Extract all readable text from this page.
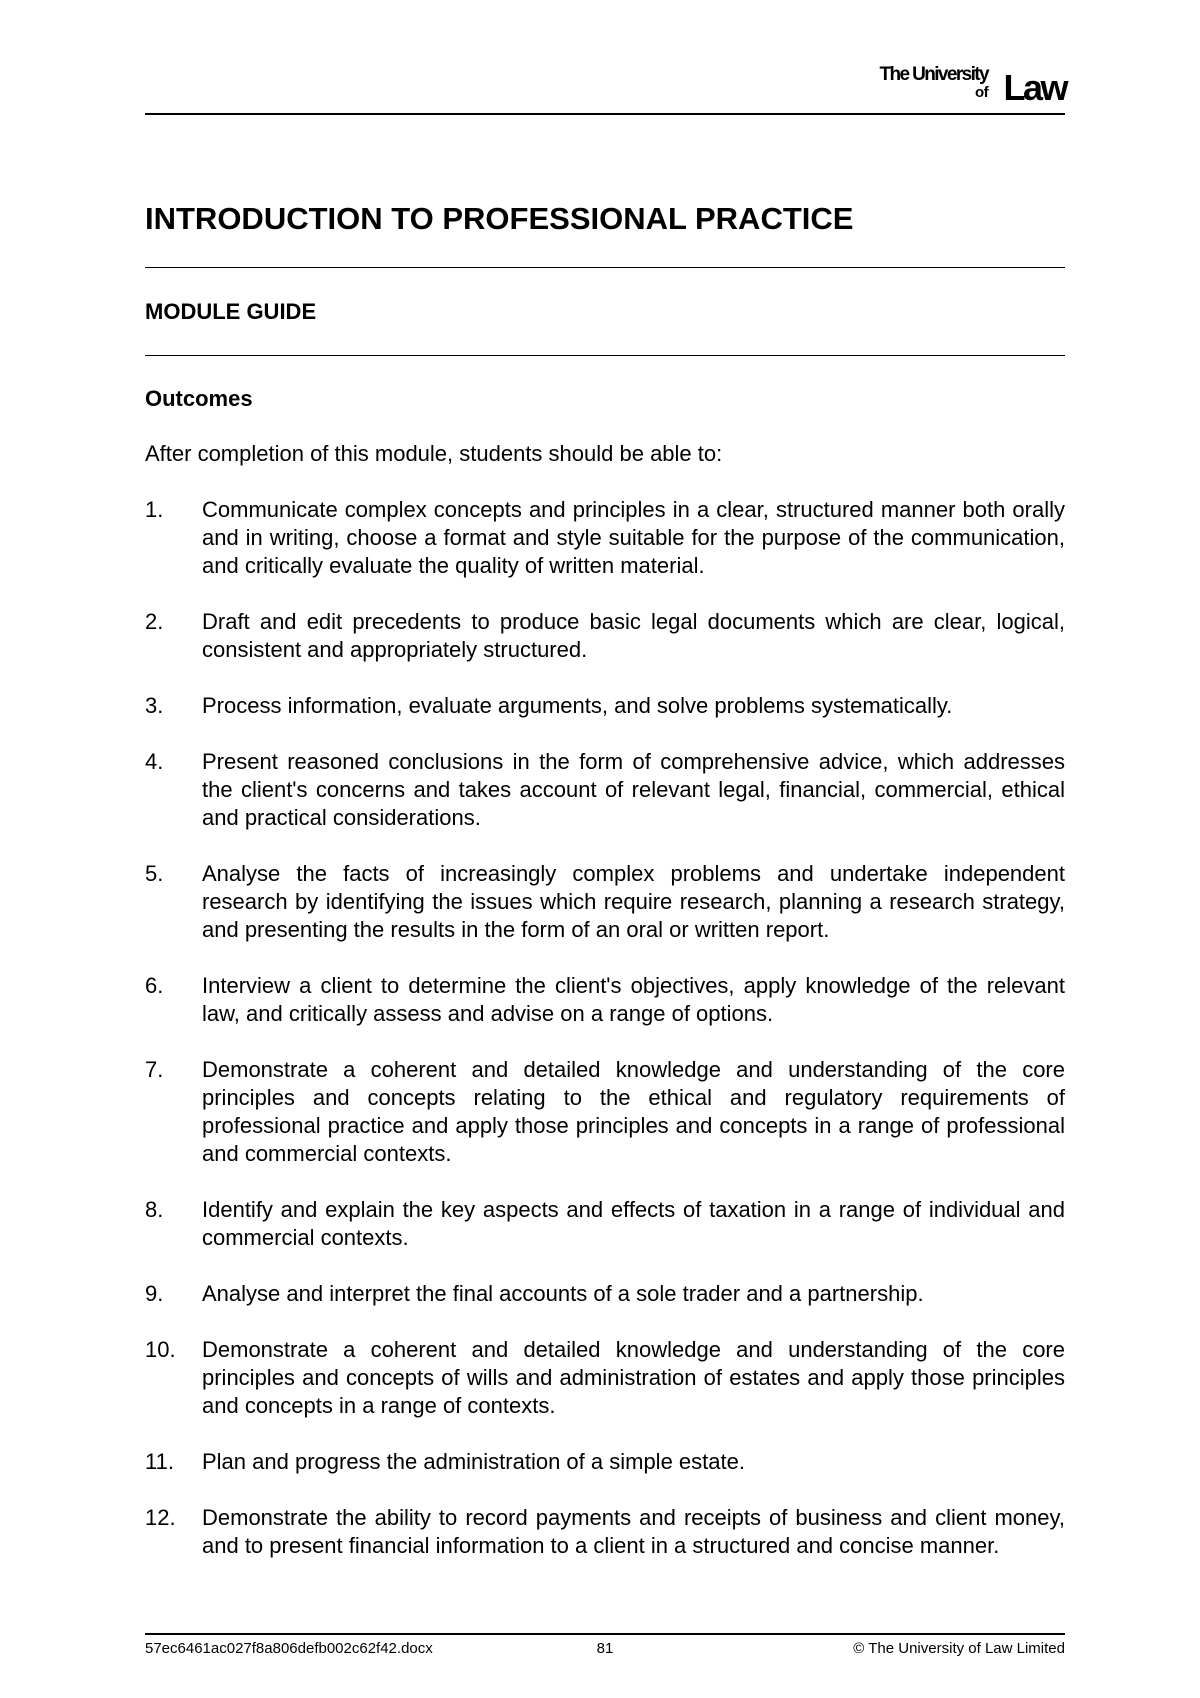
The University
of Law
INTRODUCTION TO PROFESSIONAL PRACTICE
MODULE GUIDE
Outcomes

After completion of this module, students should be able to:

1. Communicate complex concepts and principles in a clear, structured manner both orally and in writing, choose a format and style suitable for the purpose of the communication, and critically evaluate the quality of written material.
2. Draft and edit precedents to produce basic legal documents which are clear, logical, consistent and appropriately structured.
3. Process information, evaluate arguments, and solve problems systematically.
4. Present reasoned conclusions in the form of comprehensive advice, which addresses the client's concerns and takes account of relevant legal, financial, commercial, ethical and practical considerations.
5. Analyse the facts of increasingly complex problems and undertake independent research by identifying the issues which require research, planning a research strategy, and presenting the results in the form of an oral or written report.
6. Interview a client to determine the client's objectives, apply knowledge of the relevant law, and critically assess and advise on a range of options.
7. Demonstrate a coherent and detailed knowledge and understanding of the core principles and concepts relating to the ethical and regulatory requirements of professional practice and apply those principles and concepts in a range of professional and commercial contexts.
8. Identify and explain the key aspects and effects of taxation in a range of individual and commercial contexts.
9. Analyse and interpret the final accounts of a sole trader and a partnership.
10. Demonstrate a coherent and detailed knowledge and understanding of the core principles and concepts of wills and administration of estates and apply those principles and concepts in a range of contexts.
11. Plan and progress the administration of a simple estate.
12. Demonstrate the ability to record payments and receipts of business and client money, and to present financial information to a client in a structured and concise manner.
57ec6461ac027f8a806defb002c62f42.docx	81	© The University of Law Limited
